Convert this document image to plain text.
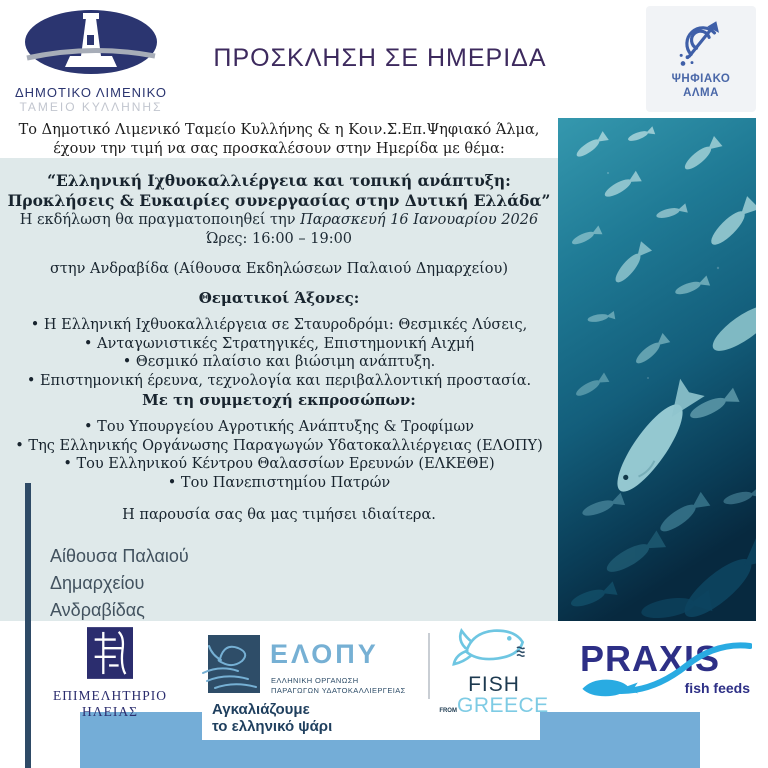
ΔΗΜΟΤΙΚΟ ΛΙΜΕΝΙΚΟ
ΤΑΜΕΙΟ ΚΥΛΛΗΝΗΣ
ΠΡΟΣΚΛΗΣΗ ΣΕ ΗΜΕΡΙΔΑ
ΨΗΦΙΑΚΟ
ΑΛΜΑ
Το Δημοτικό Λιμενικό Ταμείο Κυλλήνης & η Κοιν.Σ.Επ.Ψηφιακό Άλμα,
έχουν την τιμή να σας προσκαλέσουν στην Ημερίδα με θέμα:
“Ελληνική Ιχθυοκαλλιέργεια και τοπική ανάπτυξη:
Προκλήσεις & Ευκαιρίες συνεργασίας στην Δυτική Ελλάδα”
Η εκδήλωση θα πραγματοποιηθεί την Παρασκευή 16 Ιανουαρίου 2026
Ώρες: 16:00 – 19:00
στην Ανδραβίδα (Αίθουσα Εκδηλώσεων Παλαιού Δημαρχείου)
Θεματικοί Άξονες:
• Η Ελληνική Ιχθυοκαλλιέργεια σε Σταυροδρόμι: Θεσμικές Λύσεις,
• Ανταγωνιστικές Στρατηγικές, Επιστημονική Αιχμή
• Θεσμικό πλαίσιο και βιώσιμη ανάπτυξη.
• Επιστημονική έρευνα, τεχνολογία και περιβαλλοντική προστασία.
Με τη συμμετοχή εκπροσώπων:
• Του Υπουργείου Αγροτικής Ανάπτυξης & Τροφίμων
• Της Ελληνικής Οργάνωσης Παραγωγών Υδατοκαλλιέργειας (ΕΛΟΠΥ)
• Του Ελληνικού Κέντρου Θαλασσίων Ερευνών (ΕΛΚΕΘΕ)
• Του Πανεπιστημίου Πατρών
Η παρουσία σας θα μας τιμήσει ιδιαίτερα.
Αίθουσα Παλαιού
Δημαρχείου
Ανδραβίδας
ΕΠΙΜΕΛΗΤΗΡΙΟ
ΗΛΕΙΑΣ
ΕΛΟΠΥ
ΕΛΛΗΝΙΚΗ ΟΡΓΑΝΩΣΗ
ΠΑΡΑΓΩΓΩΝ ΥΔΑΤΟΚΑΛΛΙΕΡΓΕΙΑΣ
Αγκαλιάζουμε
το ελληνικό ψάρι
FISH
FROMGREECE
PRAXIS
fish feeds
